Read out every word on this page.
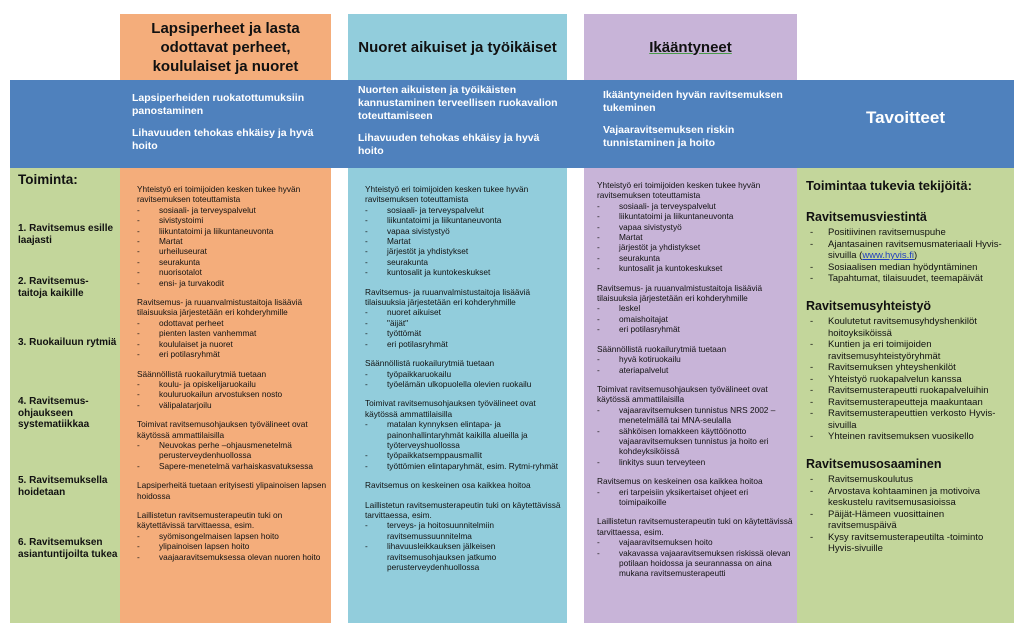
Lapsiperheet ja lasta odottavat perheet, koululaiset ja nuoret
Nuoret aikuiset ja työikäiset	Ikääntyneet

Lapsiperheiden ruokatottumuksiin panostaminen

Lihavuuden tehokas ehkäisy ja hyvä hoito

Nuorten aikuisten ja työikäisten kannustaminen terveellisen ruokavalion toteuttamiseen

Lihavuuden tehokas ehkäisy ja hyvä hoito

Ikääntyneiden hyvän ravitsemuksen tukeminen

Vajaaravitsemuksen riskin tunnistaminen ja hoito

Tavoitteet
Toiminta:
1. Ravitsemus esille laajasti
2. Ravitsemus-taitoja kaikille
3. Ruokailuun rytmiä
4. Ravitsemus-ohjaukseen systematiikkaa
5. Ravitsemuksella hoidetaan
6. Ravitsemuksen asiantuntijoilta tukea
Yhteistyö eri toimijoiden kesken tukee hyvän ravitsemuksen toteuttamista
- sosiaali- ja terveyspalvelut
- sivistystoimi
- liikuntatoimi ja liikuntaneuvonta
- Martat
- urheiluseurat
- seurakunta
- nuorisotalot
- ensi- ja turvakodit
Ravitsemus- ja ruuanvalmistustaitoja lisääviä tilaisuuksia järjestetään eri kohderyhmille
- odottavat perheet
- pienten lasten vanhemmat
- koululaiset ja nuoret
- eri potilasryhmät
Säännöllistä ruokailurytmiä tuetaan
- koulu- ja opiskelijaruokailu
- kouluruokailun arvostuksen nosto
- välipalatarjoilu
Toimivat ravitsemusohjauksen työvälineet ovat käytössä ammattilaisilla
- Neuvokas perhe –ohjausmenetelmä perusterveydenhuollossa
- Sapere-menetelmä varhaiskasvatuksessa
Lapsiperheitä tuetaan erityisesti ylipainoisen lapsen hoidossa
Laillistetun ravitsemusterapeutin tuki on käytettävissä tarvittaessa, esim.
- syömisongelmaisen lapsen hoito
- ylipainoisen lapsen hoito
- vaajaaravitsemuksessa olevan nuoren hoito
Yhteistyö eri toimijoiden kesken tukee hyvän ravitsemuksen toteuttamista
- sosiaali- ja terveyspalvelut
- liikuntatoimi ja liikuntaneuvonta
- vapaa sivistystyö
- Martat
- järjestöt ja yhdistykset
- seurakunta
- kuntosalit ja kuntokeskukset
Ravitsemus- ja ruuanvalmistustaitoja lisääviä tilaisuuksia järjestetään eri kohderyhmille
- nuoret aikuiset
- "äijät"
- työttömät
- eri potilasryhmät
Säännöllistä ruokailurytmiä tuetaan
- työpaikkaruokailu
- työelämän ulkopuolella olevien ruokailu
Toimivat ravitsemusohjauksen työvälineet ovat käytössä ammattilaisilla
- matalan kynnyksen elintapa- ja painonhallintaryhmät kaikilla alueilla ja työterveyshuollossa
- työpaikkatsemppausmallit
- työttömien elintaparyhmät, esim. Rytmi-ryhmät
Ravitsemus on keskeinen osa kaikkea hoitoa
Laillistetun ravitsemusterapeutin tuki on käytettävissä tarvittaessa, esim.
- terveys- ja hoitosuunnitelmiin ravitsemussuunnitelma
- lihavuusleikkauksen jälkeisen ravitsemusohjauksen jatkumo perusterveydenhuollossa
Yhteistyö eri toimijoiden kesken tukee hyvän ravitsemuksen toteuttamista
- sosiaali- ja terveyspalvelut
- liikuntatoimi ja liikuntaneuvonta
- vapaa sivistystyö
- Martat
- järjestöt ja yhdistykset
- seurakunta
- kuntosalit ja kuntokeskukset
Ravitsemus- ja ruuanvalmistustaitoja lisääviä tilaisuuksia järjestetään eri kohderyhmille
- leskel
- omaishoitajat
- eri potilasryhmät
Säännöllistä ruokailurytmiä tuetaan
- hyvä kotiruokailu
- ateriapalvelut
Toimivat ravitsemusohjauksen työvälineet ovat käytössä ammattilaisilla
- vajaaravitsemuksen tunnistus NRS 2002 –menetelmällä tai MNA-seulalla
- sähköisen lomakkeen käyttöönotto vajaaravitsemuksen tunnistus ja hoito eri kohdeyksiköissä
- linkitys suun terveyteen
Ravitsemus on keskeinen osa kaikkea hoitoa
- eri tarpeisiin yksikertaiset ohjeet eri toimipaikoille
Laillistetun ravitsemusterapeutin tuki on käytettävissä tarvittaessa, esim.
- vajaaravitsemuksen hoito
- vakavassa vajaaravitsemuksen riskissä olevan potilaan hoidossa ja seurannassa on aina mukana ravitsemusterapeutti
Toimintaa tukevia tekijöitä:
Ravitsemusviestintä
- Positiivinen ravitsemuspuhe
- Ajantasainen ravitsemusmateriaali Hyvis-sivuilla (www.hyvis.fi)
- Sosiaalisen median hyödyntäminen
- Tapahtumat, tilaisuudet, teemapäivät
Ravitsemusyhteistyö
- Koulutetut ravitsemusyhdyshenkilöt hoitoyksiköissä
- Kuntien ja eri toimijoiden ravitsemusyhteistyöryhmät
- Ravitsemuksen yhteyshenkilöt
- Yhteistyö ruokapalvelun kanssa
- Ravitsemusterapeutti ruokapalveluihin
- Ravitsemusterapeutteja maakuntaan
- Ravitsemusterapeuttien verkosto Hyvis-sivuilla
- Yhteinen ravitsemuksen vuosikello
Ravitsemusosaaminen
- Ravitsemuskoulutus
- Arvostava kohtaaminen ja motivoiva keskustelu ravitsemusasioissa
- Päijät-Hämeen vuosittainen ravitsemuspäivä
- Kysy ravitsemusterapeutilta -toiminto Hyvis-sivuille
